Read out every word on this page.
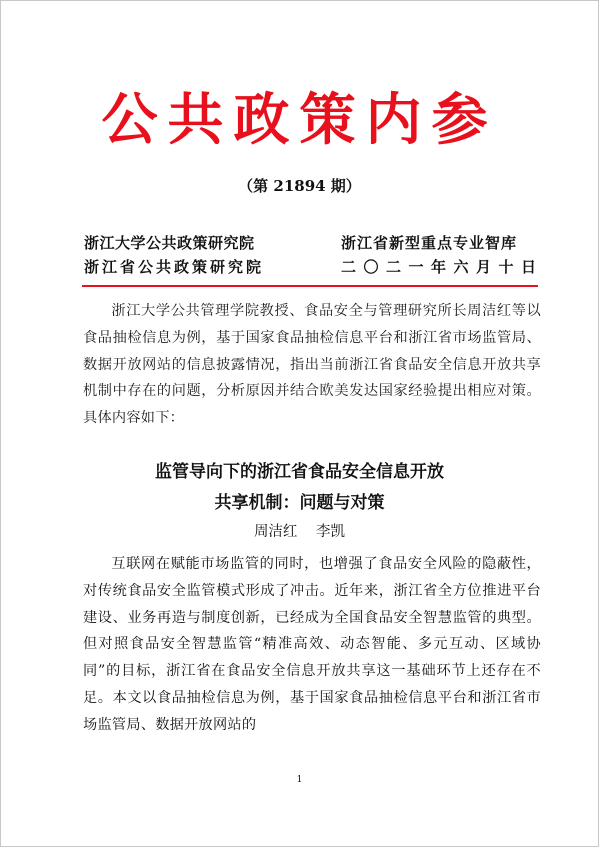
公共政策内参
（第 21894 期）
浙江大学公共政策研究院
浙江省公共政策研究院
浙江省新型重点专业智库
二〇二一年六月十日

浙江大学公共管理学院教授、食品安全与管理研究所长周洁红等以食品抽检信息为例，基于国家食品抽检信息平台和浙江省市场监管局、数据开放网站的信息披露情况，指出当前浙江省食品安全信息开放共享机制中存在的问题，分析原因并结合欧美发达国家经验提出相应对策。具体内容如下：

监管导向下的浙江省食品安全信息开放
共享机制：问题与对策
周洁红 李凯

互联网在赋能市场监管的同时，也增强了食品安全风险的隐蔽性，对传统食品安全监管模式形成了冲击。近年来，浙江省全方位推进平台建设、业务再造与制度创新，已经成为全国食品安全智慧监管的典型。但对照食品安全智慧监管“精准高效、动态智能、多元互动、区域协同”的目标，浙江省在食品安全信息开放共享这一基础环节上还存在不足。本文以食品抽检信息为例，基于国家食品抽检信息平台和浙江省市场监管局、数据开放网站的

1
